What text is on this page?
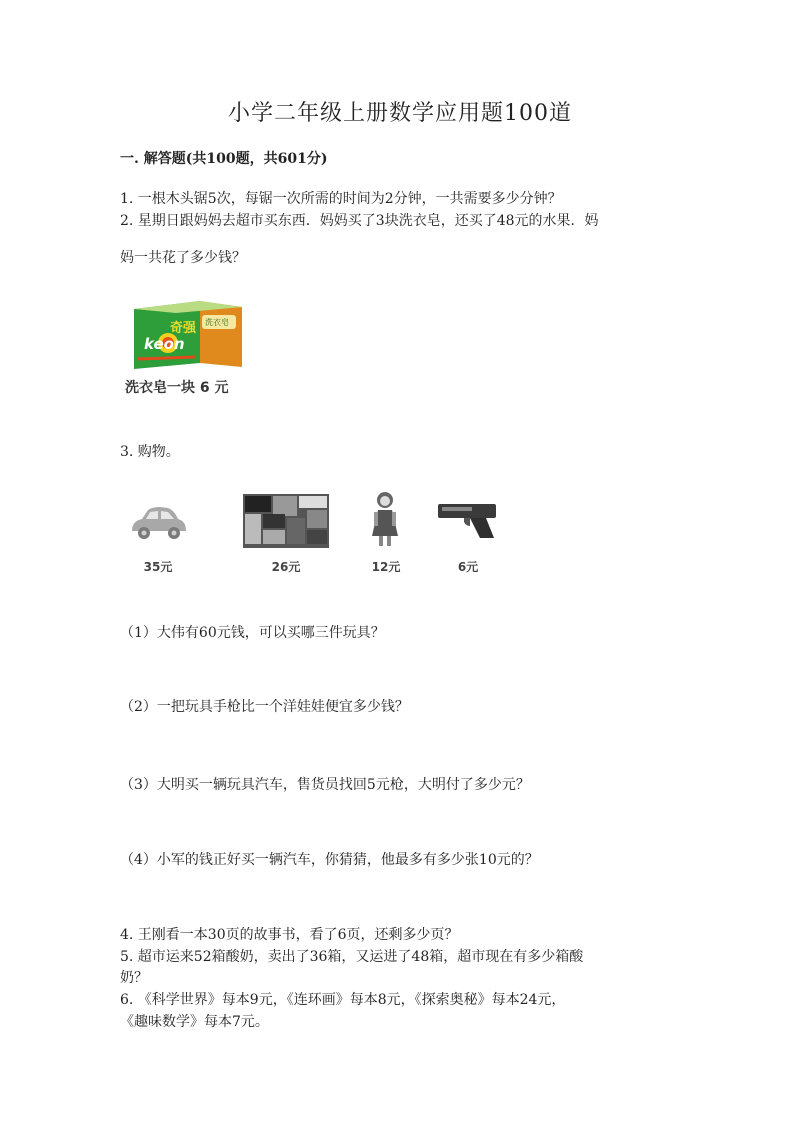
小学二年级上册数学应用题100道
一. 解答题(共100题，共601分)
1. 一根木头锯5次，每锯一次所需的时间为2分钟，一共需要多少分钟？
2. 星期日跟妈妈去超市买东西．妈妈买了3块洗衣皂，还买了48元的水果．妈
妈一共花了多少钱？
奇强
keon
洗衣皂
洗衣皂一块 6 元
3. 购物。
35元	26元	12元	6元
（1）大伟有60元钱，可以买哪三件玩具？
（2）一把玩具手枪比一个洋娃娃便宜多少钱？
（3）大明买一辆玩具汽车，售货员找回5元枪，大明付了多少元？
（4）小军的钱正好买一辆汽车，你猜猜，他最多有多少张10元的？
4. 王刚看一本30页的故事书，看了6页，还剩多少页？
5. 超市运来52箱酸奶，卖出了36箱，又运进了48箱，超市现在有多少箱酸
奶？
6. 《科学世界》每本9元，《连环画》每本8元，《探索奥秘》每本24元，
《趣味数学》每本7元。
